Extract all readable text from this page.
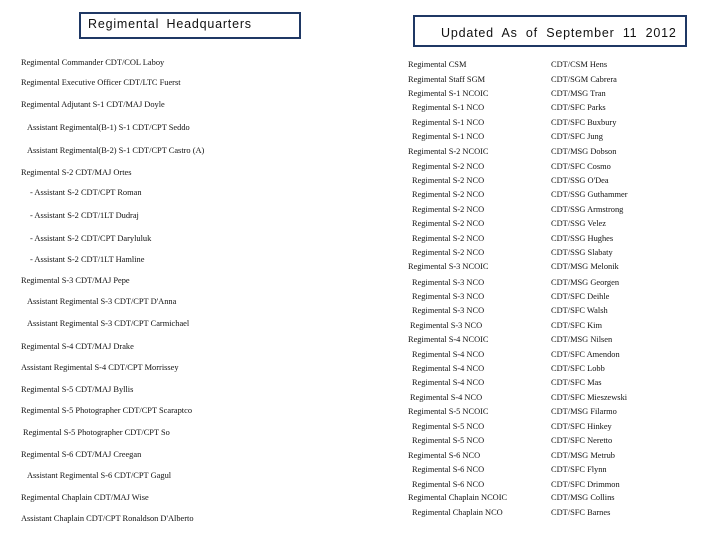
Regimental Headquarters
Updated As of September 11 2012
Regimental Commander CDT/COL Laboy
Regimental Executive Officer CDT/LTC Fuerst
Regimental Adjutant S-1 CDT/MAJ Doyle
Assistant Regimental(B-1) S-1 CDT/CPT Seddo
Assistant Regimental(B-2) S-1 CDT/CPT Castro (A)
Regimental S-2 CDT/MAJ Ortes
- Assistant S-2 CDT/CPT Roman
- Assistant S-2 CDT/1LT Dudraj
- Assistant S-2 CDT/CPT Daryluluk
- Assistant S-2 CDT/1LT Hamline
Regimental S-3 CDT/MAJ Pepe
Assistant Regimental S-3 CDT/CPT D'Anna
Assistant Regimental S-3 CDT/CPT Carmichael
Regimental S-4 CDT/MAJ Drake
Assistant Regimental S-4 CDT/CPT Morrissey
Regimental S-5 CDT/MAJ Byllis
Regimental S-5 Photographer CDT/CPT Scaraptco
Regimental S-5 Photographer CDT/CPT So
Regimental S-6 CDT/MAJ Creegan
Assistant Regimental S-6 CDT/CPT Gagul
Regimental Chaplain CDT/MAJ Wise
Assistant Chaplain CDT/CPT Ronaldson D'Alberto
Regimental CSM	CDT/CSM Hens
Regimental Staff SGM	CDT/SGM Cabrera
Regimental S-1 NCOIC	CDT/MSG Tran
Regimental S-1 NCO	CDT/SFC Parks
Regimental S-1 NCO	CDT/SFC Buxbury
Regimental S-1 NCO	CDT/SFC Jung
Regimental S-2 NCOIC	CDT/MSG Dobson
Regimental S-2 NCO	CDT/SFC Cosmo
Regimental S-2 NCO	CDT/SSG O'Dea
Regimental S-2 NCO	CDT/SSG Guthammer
Regimental S-2 NCO	CDT/SSG Armstrong
Regimental S-2 NCO	CDT/SSG Velez
Regimental S-2 NCO	CDT/SSG Hughes
Regimental S-2 NCO	CDT/SSG Slabaty
Regimental S-3 NCOIC	CDT/MSG Melonik
Regimental S-3 NCO	CDT/MSG Georgen
Regimental S-3 NCO	CDT/SFC Deihle
Regimental S-3 NCO	CDT/SFC Walsh
Regimental S-3 NCO	CDT/SFC Kim
Regimental S-4 NCOIC	CDT/MSG Nilsen
Regimental S-4 NCO	CDT/SFC Amendon
Regimental S-4 NCO	CDT/SFC Lobb
Regimental S-4 NCO	CDT/SFC Mas
Regimental S-4 NCO	CDT/SFC Mieszewski
Regimental S-5 NCOIC	CDT/MSG Filarmo
Regimental S-5 NCO	CDT/SFC Hinkey
Regimental S-5 NCO	CDT/SFC Neretto
Regimental S-6 NCO	CDT/MSG Metrub
Regimental S-6 NCO	CDT/SFC Flynn
Regimental S-6 NCO	CDT/SFC Drimmon
Regimental Chaplain NCOIC	CDT/MSG Collins
Regimental Chaplain NCO	CDT/SFC Barnes
